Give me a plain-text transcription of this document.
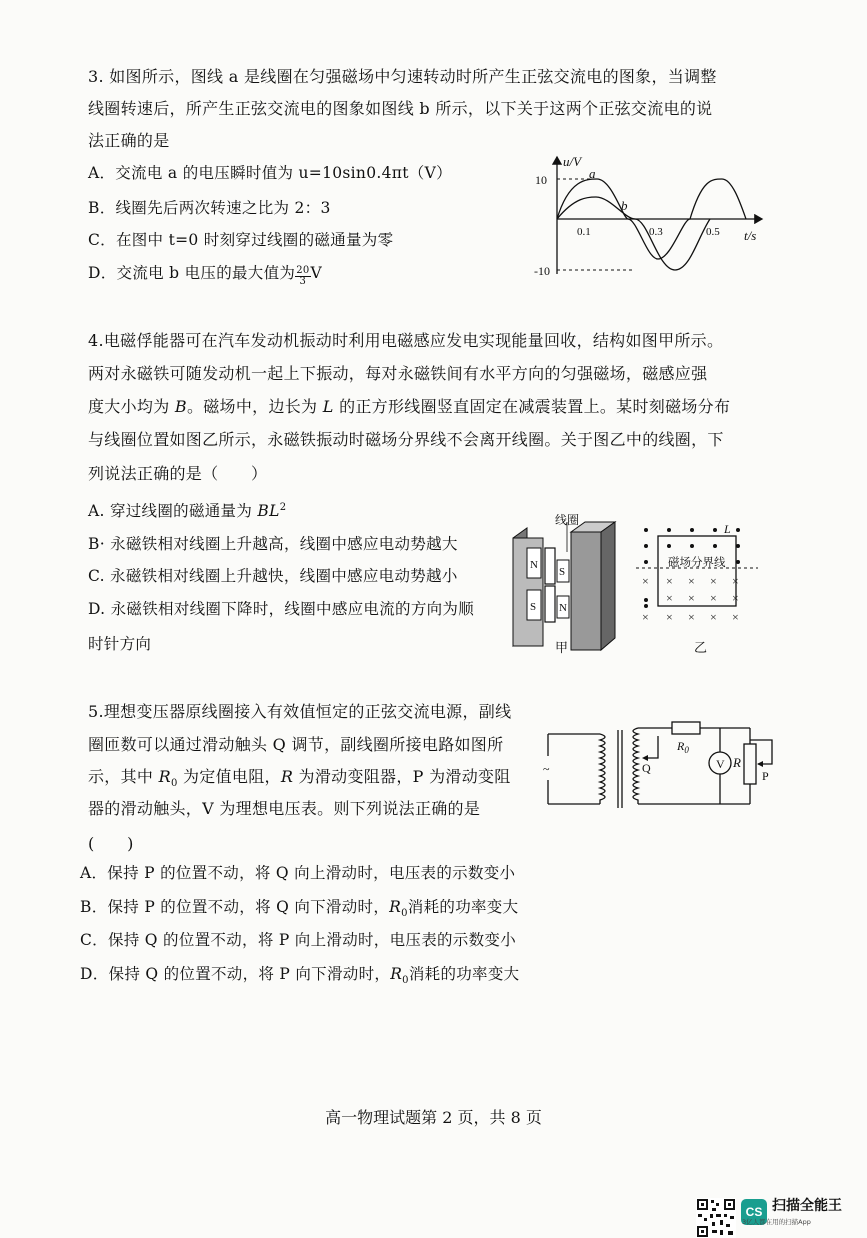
3. 如图所示，图线 a 是线圈在匀强磁场中匀速转动时所产生正弦交流电的图象，当调整
线圈转速后，所产生正弦交流电的图象如图线 b 所示，以下关于这两个正弦交流电的说
法正确的是
A．交流电 a 的电压瞬时值为 u=10sin0.4πt（V）
B．线圈先后两次转速之比为 2：3
C．在图中 t=0 时刻穿过线圈的磁通量为零
D．交流电 b 电压的最大值为 $\frac{20}{3}$ V
u/V
10
-10
a
b
0.1	0.3	0.5 t/s
4.电磁俘能器可在汽车发动机振动时利用电磁感应发电实现能量回收，结构如图甲所示。
两对永磁铁可随发动机一起上下振动，每对永磁铁间有水平方向的匀强磁场，磁感应强
度大小均为 B。磁场中，边长为 L 的正方形线圈竖直固定在减震装置上。某时刻磁场分布
与线圈位置如图乙所示，永磁铁振动时磁场分界线不会离开线圈。关于图乙中的线圈，下
列说法正确的是（　　）
A. 穿过线圈的磁通量为 $BL^2$
B· 永磁铁相对线圈上升越高，线圈中感应电动势越大
C. 永磁铁相对线圈上升越快，线圈中感应电动势越小
D. 永磁铁相对线圈下降时，线圈中感应电流的方向为顺
时针方向
N
S
S
N
线圈
甲
L
磁场分界线
× × × × ×
× × × ×
× × × × ×
乙
5.理想变压器原线圈接入有效值恒定的正弦交流电源，副线
圈匝数可以通过滑动触头 Q 调节，副线圈所接电路如图所
示，其中 $R_0$ 为定值电阻，R 为滑动变阻器，P 为滑动变阻
器的滑动触头，V 为理想电压表。则下列说法正确的是
(　　)
A．保持 P 的位置不动，将 Q 向上滑动时，电压表的示数变小
B．保持 P 的位置不动，将 Q 向下滑动时，$R_0$消耗的功率变大
C．保持 Q 的位置不动，将 P 向上滑动时，电压表的示数变小
D．保持 Q 的位置不动，将 P 向下滑动时，$R_0$消耗的功率变大
~	Q
$R_0$
V R
P
高一物理试题第 2 页，共 8 页
CS 扫描全能王
3亿人都在用的扫描App
